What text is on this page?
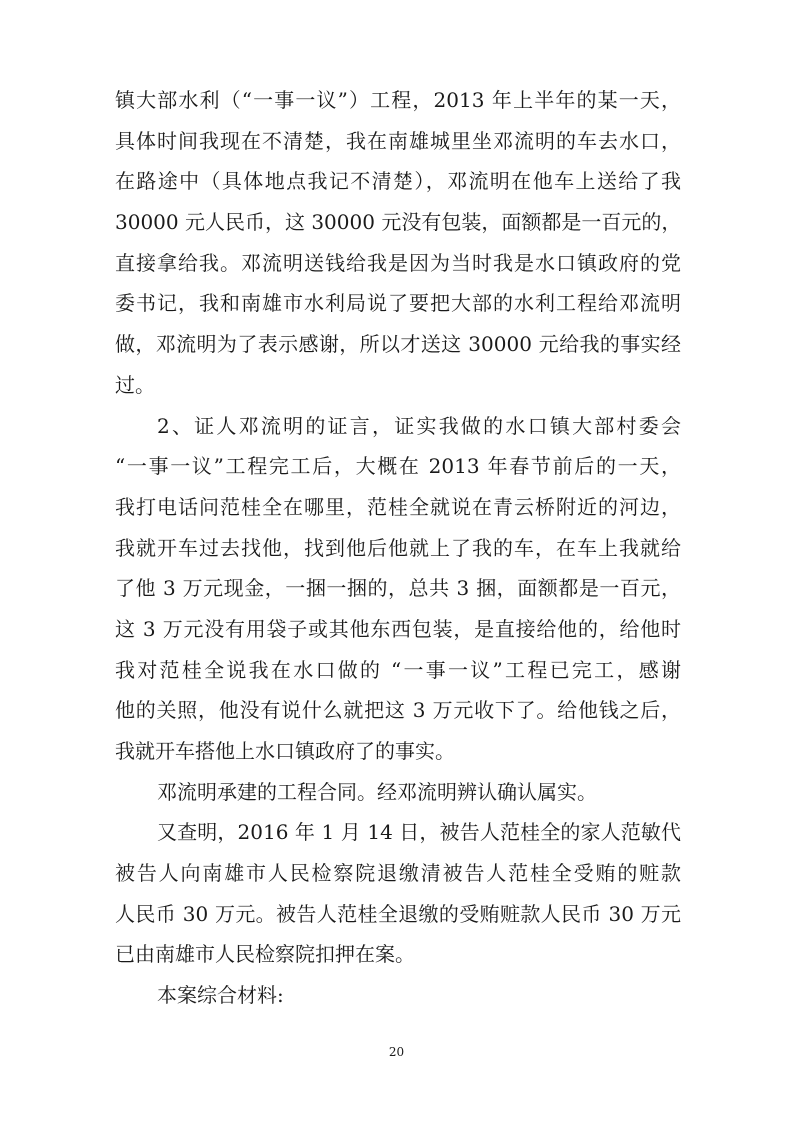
镇大部水利（“一事一议”）工程，2013 年上半年的某一天，
具体时间我现在不清楚，我在南雄城里坐邓流明的车去水口，
在路途中（具体地点我记不清楚），邓流明在他车上送给了我
30000 元人民币，这 30000 元没有包装，面额都是一百元的，
直接拿给我。邓流明送钱给我是因为当时我是水口镇政府的党
委书记，我和南雄市水利局说了要把大部的水利工程给邓流明
做，邓流明为了表示感谢，所以才送这 30000 元给我的事实经
过。
2、证人邓流明的证言，证实我做的水口镇大部村委会
“一事一议”工程完工后，大概在 2013 年春节前后的一天，
我打电话问范桂全在哪里，范桂全就说在青云桥附近的河边，
我就开车过去找他，找到他后他就上了我的车，在车上我就给
了他 3 万元现金，一捆一捆的，总共 3 捆，面额都是一百元，
这 3 万元没有用袋子或其他东西包装，是直接给他的，给他时
我对范桂全说我在水口做的 “一事一议”工程已完工，感谢
他的关照，他没有说什么就把这 3 万元收下了。给他钱之后，
我就开车搭他上水口镇政府了的事实。
邓流明承建的工程合同。经邓流明辨认确认属实。
又查明，2016 年 1 月 14 日，被告人范桂全的家人范敏代
被告人向南雄市人民检察院退缴清被告人范桂全受贿的赃款
人民币 30 万元。被告人范桂全退缴的受贿赃款人民币 30 万元
已由南雄市人民检察院扣押在案。
本案综合材料:
20
